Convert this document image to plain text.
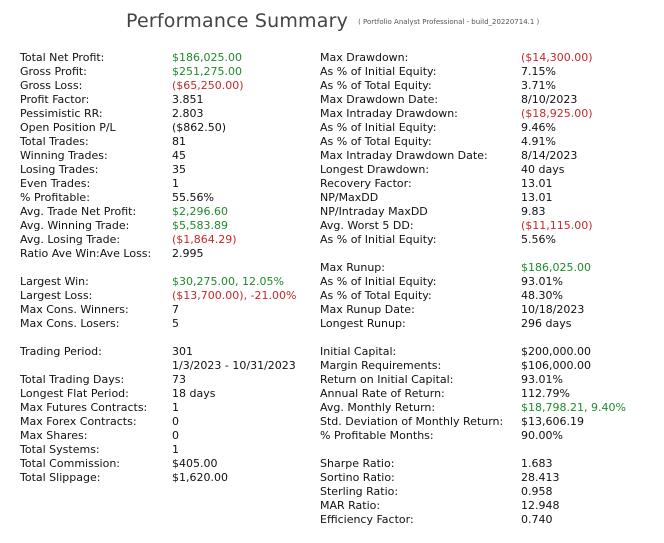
Performance Summary $^{( Portfolio Analyst Professional - build\_20220714.1 )}$
Total Net Profit:	$186,025.00
Gross Profit:	$251,275.00
Gross Loss:	($65,250.00)
Profit Factor:	3.851
Pessimistic RR:	2.803
Open Position P/L	($862.50)
Total Trades:	81
Winning Trades:	45
Losing Trades:	35
Even Trades:	1
% Profitable:	55.56%
Avg. Trade Net Profit:	$2,296.60
Avg. Winning Trade:	$5,583.89
Avg. Losing Trade:	($1,864.29)
Ratio Ave Win:Ave Loss: 2.995
Largest Win:	$30,275.00, 12.05%
Largest Loss:	($13,700.00), -21.00%
Max Cons. Winners:	7
Max Cons. Losers:	5
Trading Period:	301
1/3/2023 - 10/31/2023
Total Trading Days:	73
Longest Flat Period:	18 days
Max Futures Contracts: 1
Max Forex Contracts:	0
Max Shares:	0
Total Systems:	1
Total Commission:	$405.00
Total Slippage:	$1,620.00
Max Drawdown:	($14,300.00)
As % of Initial Equity:	7.15%
As % of Total Equity:	3.71%
Max Drawdown Date:	8/10/2023
Max Intraday Drawdown:	($18,925.00)
As % of Initial Equity:	9.46%
As % of Total Equity:	4.91%
Max Intraday Drawdown Date:	8/14/2023
Longest Drawdown:	40 days
Recovery Factor:	13.01
NP/MaxDD	13.01
NP/Intraday MaxDD	9.83
Avg. Worst 5 DD:	($11,115.00)
As % of Initial Equity:	5.56%
Max Runup:	$186,025.00
As % of Initial Equity:	93.01%
As % of Total Equity:	48.30%
Max Runup Date:	10/18/2023
Longest Runup:	296 days
Initial Capital:	$200,000.00
Margin Requirements:	$106,000.00
Return on Initial Capital:	93.01%
Annual Rate of Return:	112.79%
Avg. Monthly Return:	$18,798.21, 9.40%
Std. Deviation of Monthly Return: $13,606.19
% Profitable Months:	90.00%
Sharpe Ratio:	1.683
Sortino Ratio:	28.413
Sterling Ratio:	0.958
MAR Ratio:	12.948
Efficiency Factor:	0.740
